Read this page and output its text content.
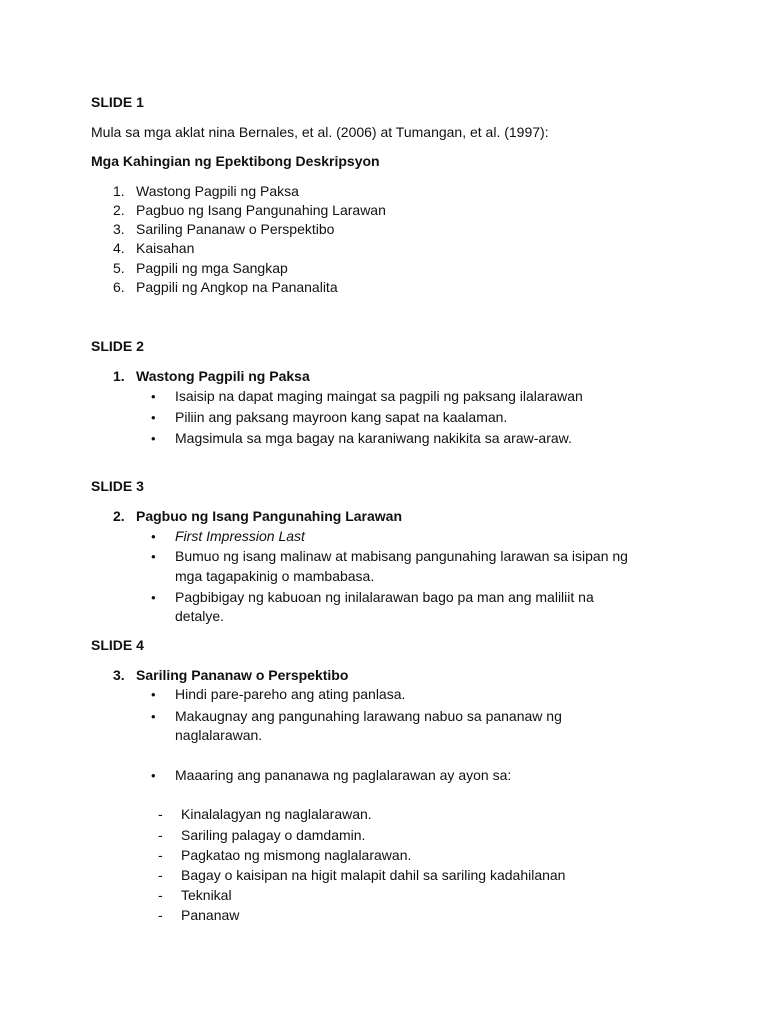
SLIDE 1
Mula sa mga aklat nina Bernales, et al. (2006) at Tumangan, et al. (1997):
Mga Kahingian ng Epektibong Deskripsyon
1. Wastong Pagpili ng Paksa
2. Pagbuo ng Isang Pangunahing Larawan
3. Sariling Pananaw o Perspektibo
4. Kaisahan
5. Pagpili ng mga Sangkap
6. Pagpili ng Angkop na Pananalita
SLIDE 2
1. Wastong Pagpili ng Paksa
• Isaisip na dapat maging maingat sa pagpili ng paksang ilalarawan
• Piliin ang paksang mayroon kang sapat na kaalaman.
• Magsimula sa mga bagay na karaniwang nakikita sa araw-araw.
SLIDE 3
2. Pagbuo ng Isang Pangunahing Larawan
• First Impression Last
• Bumuo ng isang malinaw at mabisang pangunahing larawan sa isipan ng
mga tagapakinig o mambabasa.
• Pagbibigay ng kabuoan ng inilalarawan bago pa man ang maliliit na
detalye.
SLIDE 4
3. Sariling Pananaw o Perspektibo
• Hindi pare-pareho ang ating panlasa.
• Makaugnay ang pangunahing larawang nabuo sa pananaw ng
naglalarawan.
• Maaaring ang pananawa ng paglalarawan ay ayon sa:
- Kinalalagyan ng naglalarawan.
- Sariling palagay o damdamin.
- Pagkatao ng mismong naglalarawan.
- Bagay o kaisipan na higit malapit dahil sa sariling kadahilanan
- Teknikal
- Pananaw
